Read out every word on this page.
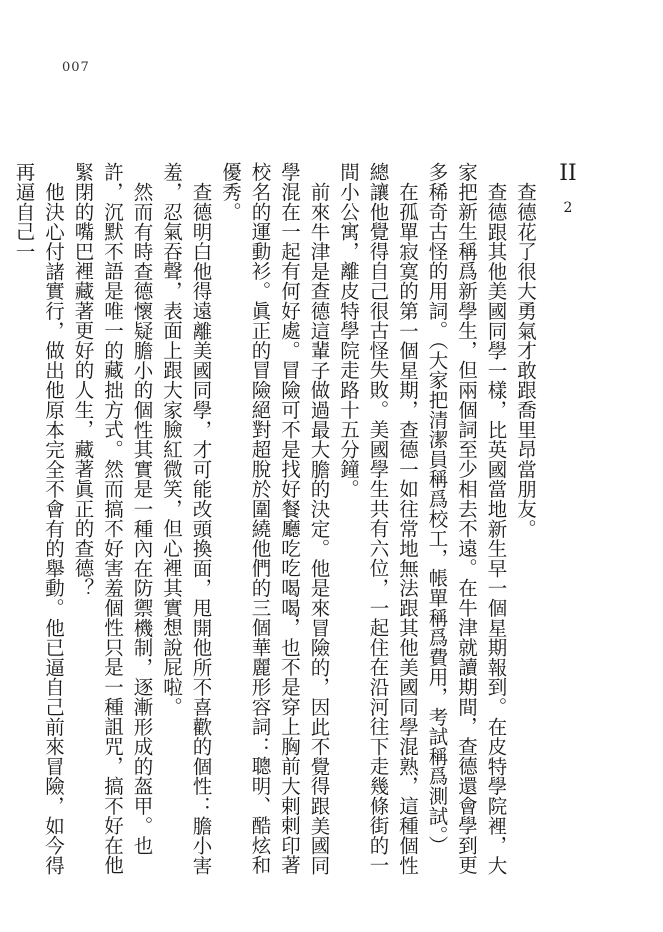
007
II
2

查德花了很大勇氣才敢跟喬里昂當朋友。

查德跟其他美國同學一樣，比英國當地新生早一個星期報到。在皮特學院裡，大家把新生稱爲新學生，但兩個詞至少相去不遠。在牛津就讀期間，查德還會學到更多稀奇古怪的用詞。（大家把清潔員稱爲校工，帳單稱爲費用，考試稱爲測試。）

在孤單寂寞的第一個星期，查德一如往常地無法跟其他美國同學混熟，這種個性總讓他覺得自己很古怪失敗。美國學生共有六位，一起住在沿河往下走幾條街的一間小公寓，離皮特學院走路十五分鐘。

前來牛津是查德這輩子做過最大膽的決定。他是來冒險的，因此不覺得跟美國同學混在一起有何好處。冒險可不是找好餐廳吃吃喝喝，也不是穿上胸前大剌剌印著校名的運動衫。眞正的冒險絕對超脫於圍繞他們的三個華麗形容詞：聰明、酷炫和優秀。

查德明白他得遠離美國同學，才可能改頭換面，甩開他所不喜歡的個性：膽小害羞，忍氣吞聲，表面上跟大家臉紅微笑，但心裡其實想說屁啦。

然而有時查德懷疑膽小的個性其實是一種內在防禦機制，逐漸形成的盔甲。也許，沉默不語是唯一的藏拙方式。然而搞不好害羞個性只是一種詛咒，搞不好在他緊閉的嘴巴裡藏著更好的人生，藏著眞正的查德？

他決心付諸實行，做出他原本完全不會有的舉動。他已逼自己前來冒險，如今得再逼自己一
